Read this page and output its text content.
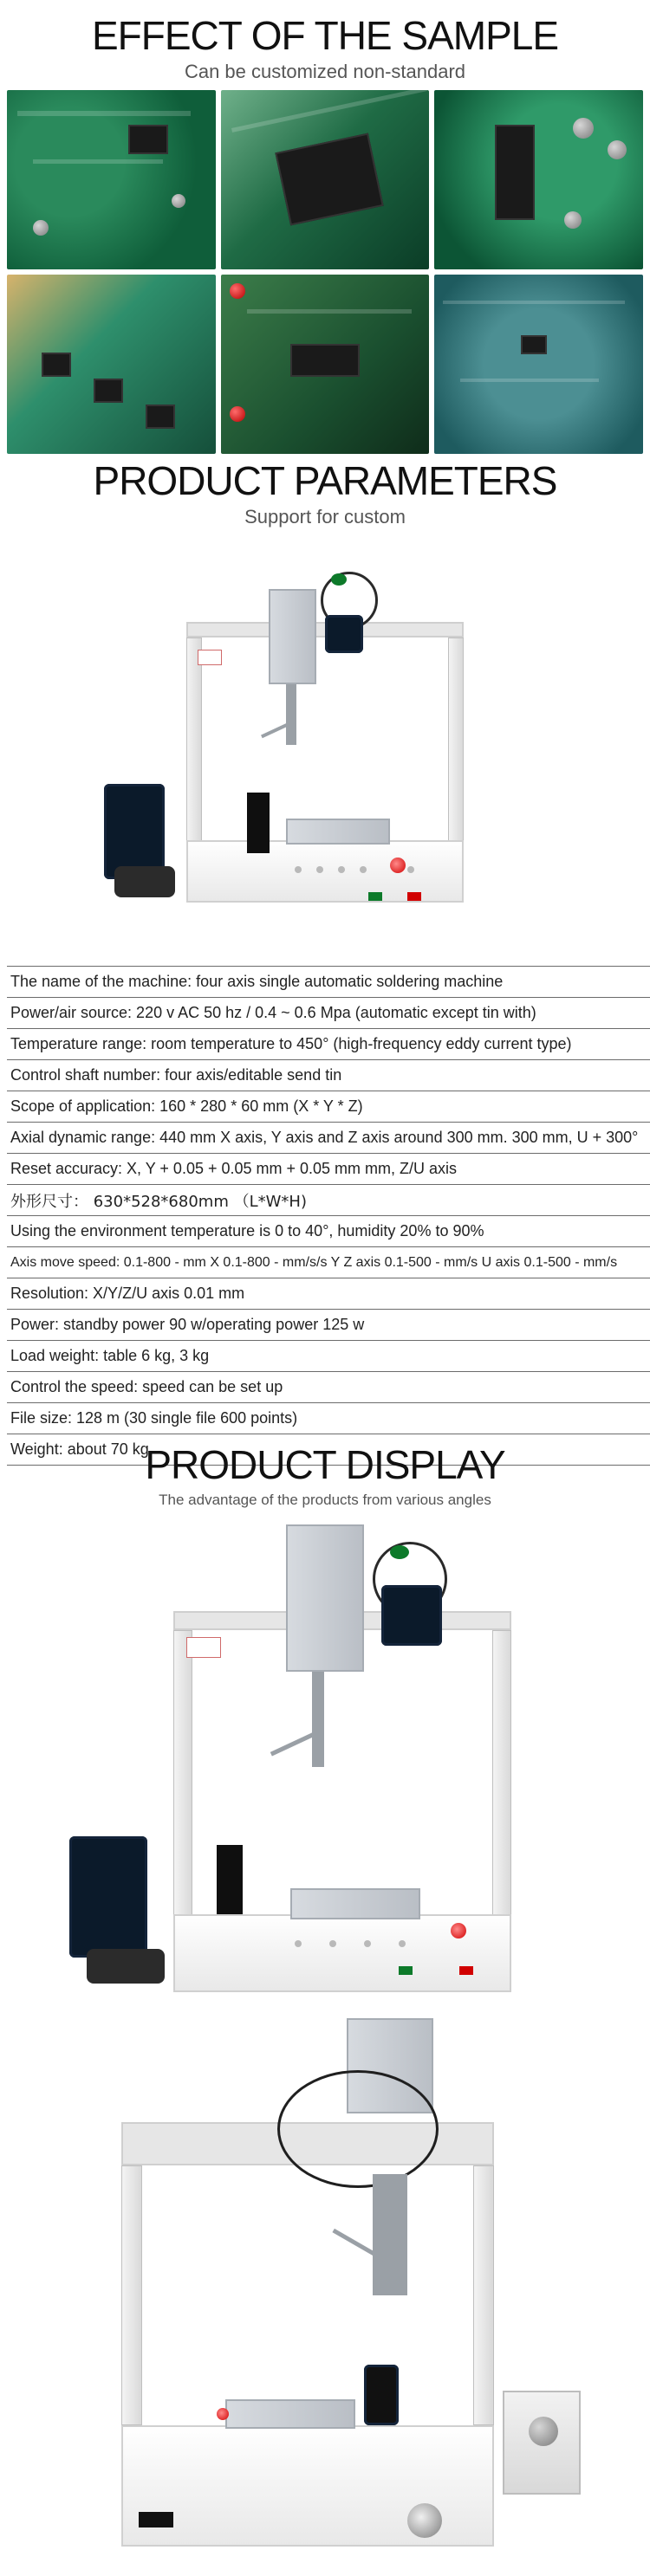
EFFECT OF THE SAMPLE
Can be customized non-standard
PRODUCT PARAMETERS
Support for custom
The name of the machine: four axis single automatic soldering machine
Power/air source: 220 v AC 50 hz / 0.4 ~ 0.6 Mpa (automatic except tin with)
Temperature range: room temperature to 450° (high-frequency eddy current type)
Control shaft number: four axis/editable send tin
Scope of application: 160 * 280 * 60 mm (X * Y * Z)
Axial dynamic range: 440 mm X axis, Y axis and Z axis around 300 mm. 300 mm, U + 300°
Reset accuracy: X, Y + 0.05 + 0.05 mm + 0.05 mm mm, Z/U axis
外形尺寸： 630*528*680mm （L*W*H)
Using the environment temperature is 0 to 40°, humidity 20% to 90%
Axis move speed: 0.1-800 - mm X 0.1-800 - mm/s/s Y Z axis 0.1-500 - mm/s U axis 0.1-500 - mm/s
Resolution: X/Y/Z/U axis 0.01 mm
Power: standby power 90 w/operating power 125 w
Load weight: table 6 kg, 3 kg
Control the speed: speed can be set up
File size: 128 m (30 single file 600 points)
Weight: about 70 kg
PRODUCT DISPLAY
The advantage of the products from various angles
